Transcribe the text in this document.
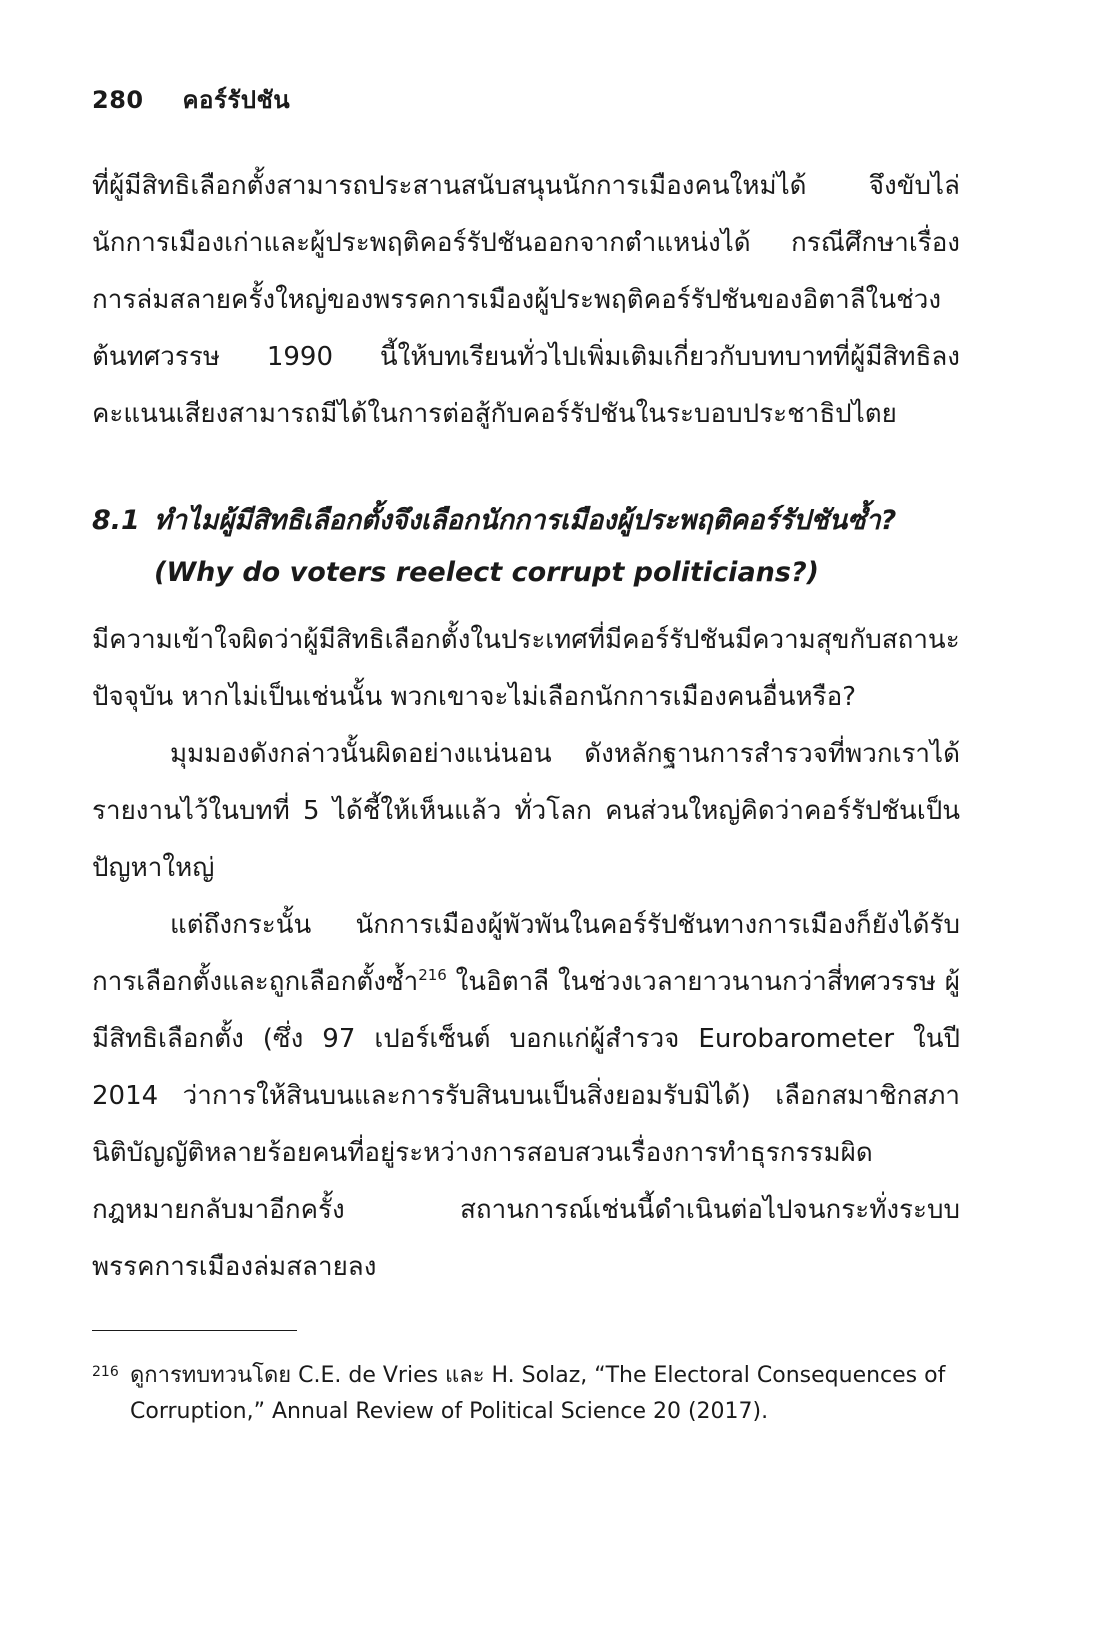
280 คอร์รัปชัน

ที่ผู้มีสิทธิเลือกตั้งสามารถประสานสนับสนุนนักการเมืองคนใหม่ได้ จึงขับไล่นักการเมืองเก่าและผู้ประพฤติคอร์รัปชันออกจากตำแหน่งได้ กรณีศึกษาเรื่องการล่มสลายครั้งใหญ่ของพรรคการเมืองผู้ประพฤติคอร์รัปชันของอิตาลีในช่วงต้นทศวรรษ 1990 นี้ให้บทเรียนทั่วไปเพิ่มเติมเกี่ยวกับบทบาทที่ผู้มีสิทธิลงคะแนนเสียงสามารถมีได้ในการต่อสู้กับคอร์รัปชันในระบอบประชาธิปไตย

8.1 ทำไมผู้มีสิทธิเลือกตั้งจึงเลือกนักการเมืองผู้ประพฤติคอร์รัปชันซ้ำ?
(Why do voters reelect corrupt politicians?)

มีความเข้าใจผิดว่าผู้มีสิทธิเลือกตั้งในประเทศที่มีคอร์รัปชันมีความสุขกับสถานะปัจจุบัน หากไม่เป็นเช่นนั้น พวกเขาจะไม่เลือกนักการเมืองคนอื่นหรือ?

มุมมองดังกล่าวนั้นผิดอย่างแน่นอน ดังหลักฐานการสำรวจที่พวกเราได้รายงานไว้ในบทที่ 5 ได้ชี้ให้เห็นแล้ว ทั่วโลก คนส่วนใหญ่คิดว่าคอร์รัปชันเป็นปัญหาใหญ่

แต่ถึงกระนั้น นักการเมืองผู้พัวพันในคอร์รัปชันทางการเมืองก็ยังได้รับการเลือกตั้งและถูกเลือกตั้งซ้ำ$^{216}$ ในอิตาลี ในช่วงเวลายาวนานกว่าสี่ทศวรรษ ผู้มีสิทธิเลือกตั้ง (ซึ่ง 97 เปอร์เซ็นต์ บอกแก่ผู้สำรวจ Eurobarometer ในปี 2014 ว่าการให้สินบนและการรับสินบนเป็นสิ่งยอมรับมิได้) เลือกสมาชิกสภานิติบัญญัติหลายร้อยคนที่อยู่ระหว่างการสอบสวนเรื่องการทำธุรกรรมผิดกฎหมายกลับมาอีกครั้ง สถานการณ์เช่นนี้ดำเนินต่อไปจนกระทั่งระบบพรรคการเมืองล่มสลายลง

216 ดูการทบทวนโดย C.E. de Vries และ H. Solaz, “The Electoral Consequences of Corruption,” Annual Review of Political Science 20 (2017).
